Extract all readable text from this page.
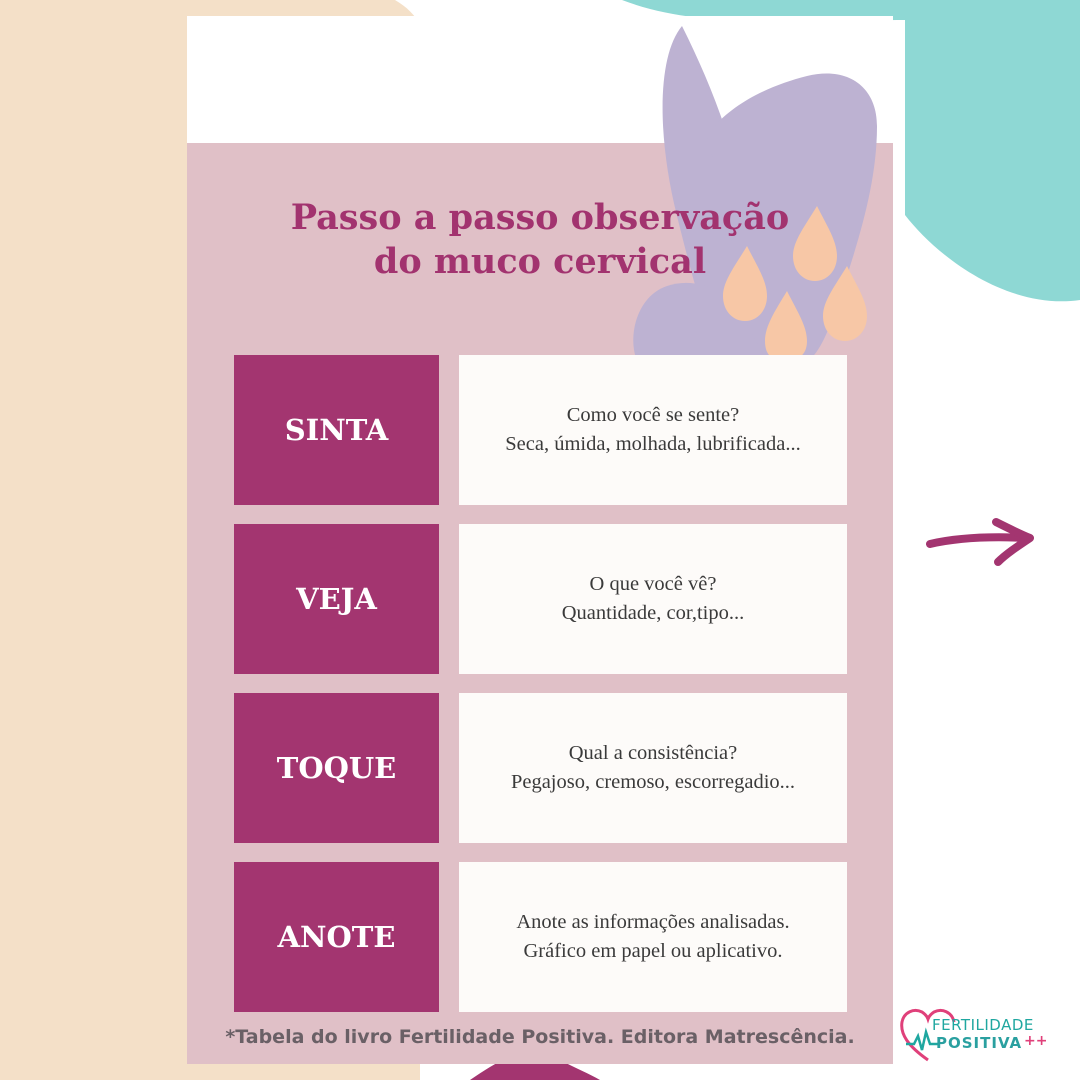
Passo a passo observação
do muco cervical
SINTA	Como você se sente?
Seca, úmida, molhada, lubrificada...
VEJA	O que você vê?
Quantidade, cor,tipo...
TOQUE	Qual a consistência?
Pegajoso, cremoso, escorregadio...
ANOTE	Anote as informações analisadas.
Gráfico em papel ou aplicativo.
*Tabela do livro Fertilidade Positiva. Editora Matrescência.
FERTILIDADE
POSITIVA ++
